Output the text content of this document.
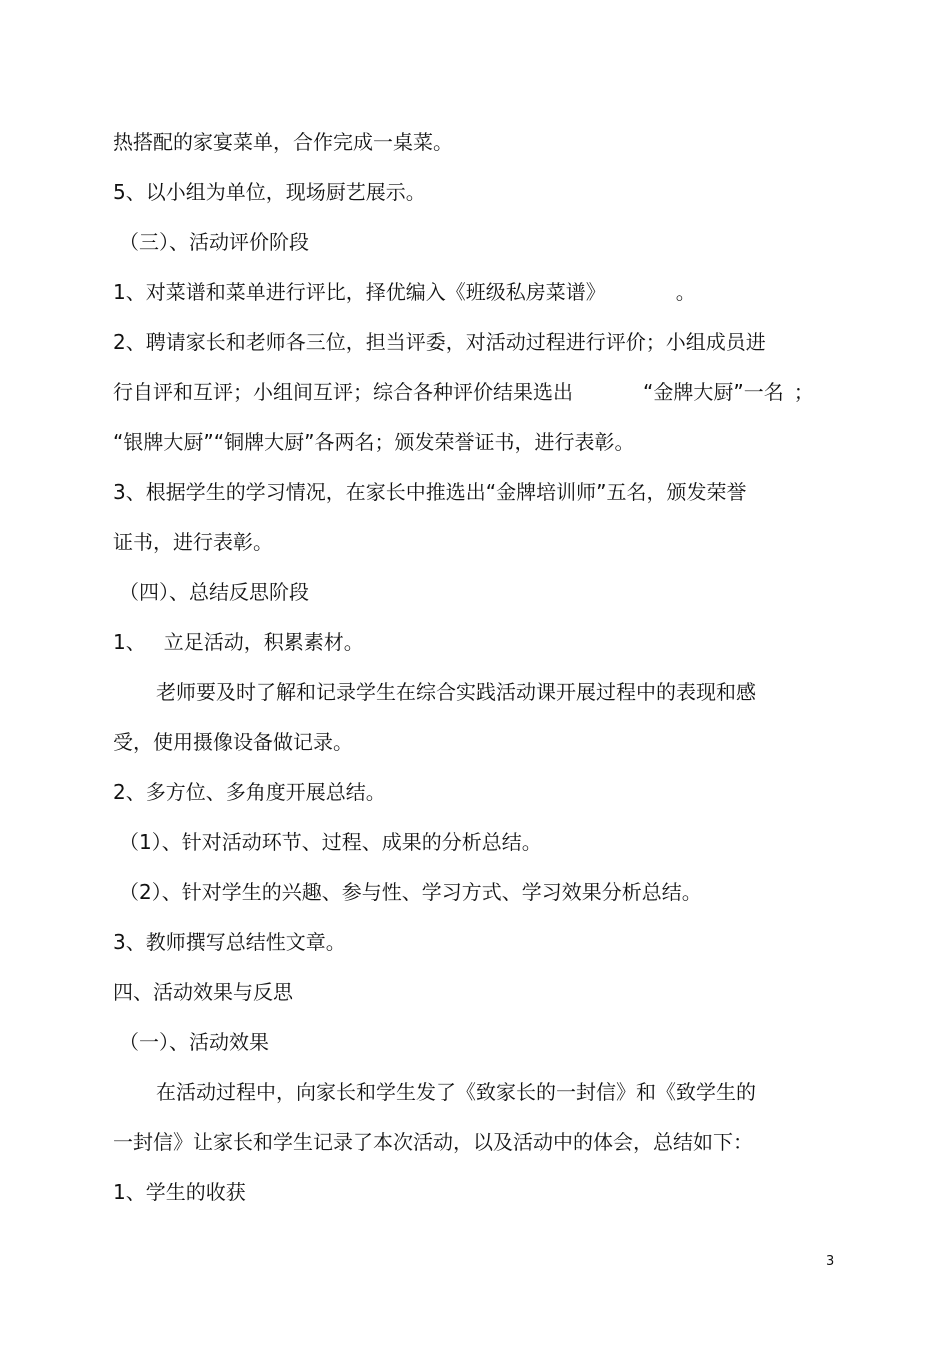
热搭配的家宴菜单，合作完成一桌菜。
5、以小组为单位，现场厨艺展示。
（三）、活动评价阶段
1、对菜谱和菜单进行评比，择优编入《班级私房菜谱》	。
2、聘请家长和老师各三位，担当评委，对活动过程进行评价；小组成员进
行自评和互评；小组间互评；综合各种评价结果选出	“金牌大厨”一名 ；
“银牌大厨”“铜牌大厨”各两名；颁发荣誉证书，进行表彰。
3、根据学生的学习情况，在家长中推选出“金牌培训师”五名，颁发荣誉
证书，进行表彰。
（四）、总结反思阶段
1、 立足活动，积累素材。
老师要及时了解和记录学生在综合实践活动课开展过程中的表现和感
受，使用摄像设备做记录。
2、多方位、多角度开展总结。
（1）、针对活动环节、过程、成果的分析总结。
（2）、针对学生的兴趣、参与性、学习方式、学习效果分析总结。
3、教师撰写总结性文章。
四、活动效果与反思
（一）、活动效果
在活动过程中，向家长和学生发了《致家长的一封信》和《致学生的
一封信》让家长和学生记录了本次活动，以及活动中的体会，总结如下：
1、学生的收获
3
